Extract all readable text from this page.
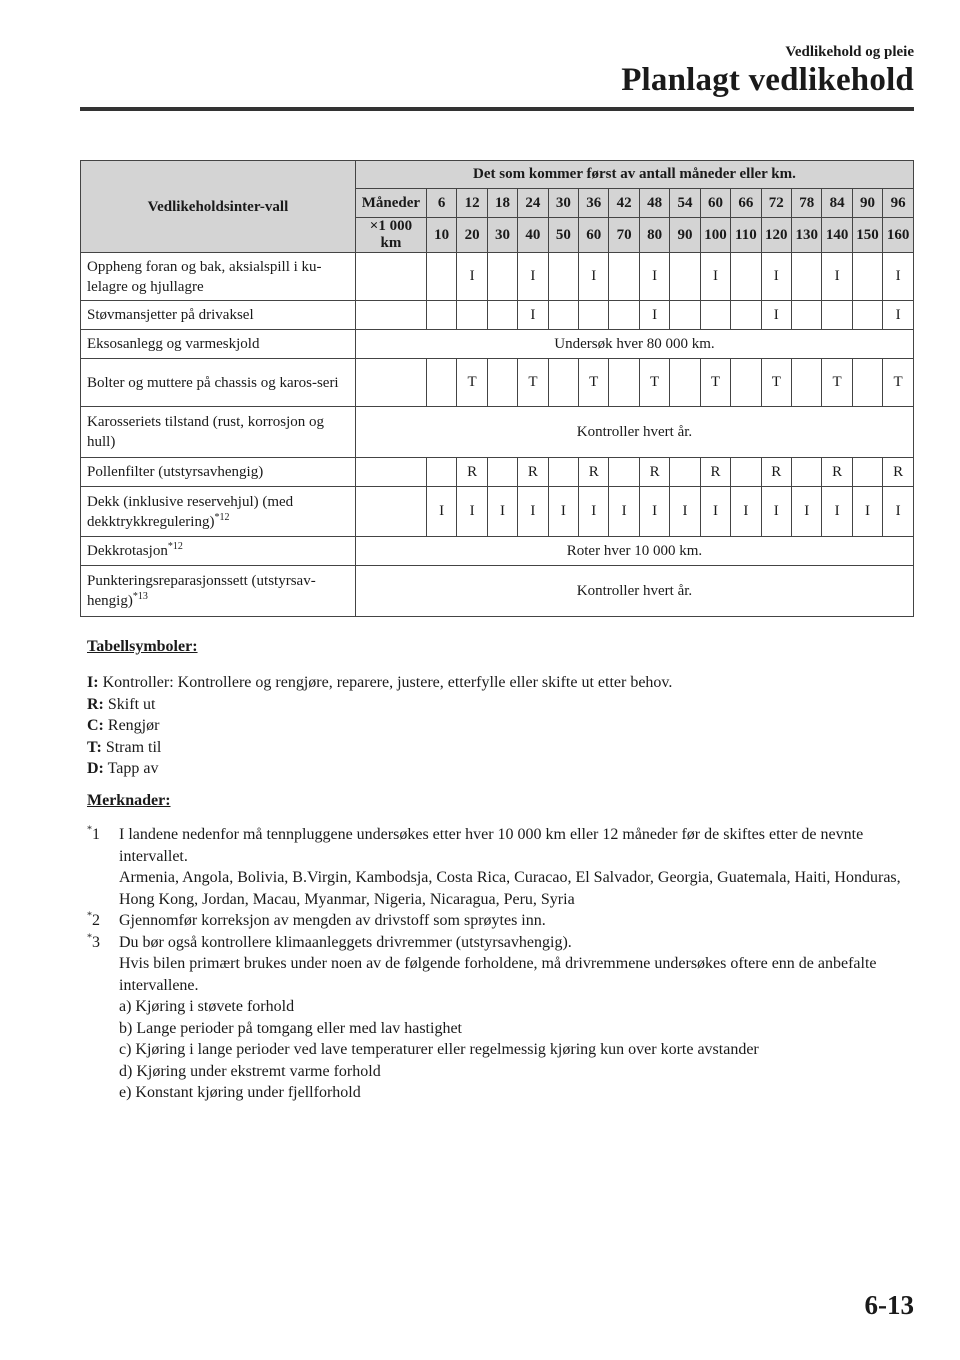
Vedlikehold og pleie
Planlagt vedlikehold
Vedlikeholdsinter-vall	Det som kommer først av antall måneder eller km.																
	Måneder	6	12	18	24	30	36	42	48	54	60	66	72	78	84	90	96
	×1 000 km	10	20	30	40	50	60	70	80	90	100	110	120	130	140	150	160
Oppheng foran og bak, aksialspill i ku-lelagre og hjullagre			I		I		I		I		I		I		I		I
Støvmansjetter på drivaksel					I				I				I				I
Eksosanlegg og varmeskjold	Undersøk hver 80 000 km.																
Bolter og muttere på chassis og karos-seri			T		T		T		T		T		T		T		T
Karosseriets tilstand (rust, korrosjon og hull)	Kontroller hvert år.																
Pollenfilter (utstyrsavhengig)			R		R		R		R		R		R		R		R
Dekk (inklusive reservehjul) (med dekktrykkregulering)$^{*12}$		I	I	I	I	I	I	I	I	I	I	I	I	I	I	I	I
Dekkrotasjon$^{*12}$	Roter hver 10 000 km.																
Punkteringsreparasjonssett (utstyrsav-hengig)$^{*13}$	Kontroller hvert år.																
Tabellsymboler:
I: Kontroller: Kontrollere og rengjøre, reparere, justere, etterfylle eller skifte ut etter behov.
R: Skift ut
C: Rengjør
T: Stram til
D: Tapp av
Merknader:
*1	I landene nedenfor må tennpluggene undersøkes etter hver 10 000 km eller 12 måneder før de skiftes etter de nevnte intervallet.

Armenia, Angola, Bolivia, B.Virgin, Kambodsja, Costa Rica, Curacao, El Salvador, Georgia, Guatemala, Haiti, Honduras, Hong Kong, Jordan, Macau, Myanmar, Nigeria, Nicaragua, Peru, Syria

*2	Gjennomfør korreksjon av mengden av drivstoff som sprøytes inn.

*3	Du bør også kontrollere klimaanleggets drivremmer (utstyrsavhengig).

Hvis bilen primært brukes under noen av de følgende forholdene, må drivremmene undersøkes oftere enn de anbefalte intervallene.

a) Kjøring i støvete forhold

b) Lange perioder på tomgang eller med lav hastighet

c) Kjøring i lange perioder ved lave temperaturer eller regelmessig kjøring kun over korte avstander

d) Kjøring under ekstremt varme forhold

e) Konstant kjøring under fjellforhold

6-13
